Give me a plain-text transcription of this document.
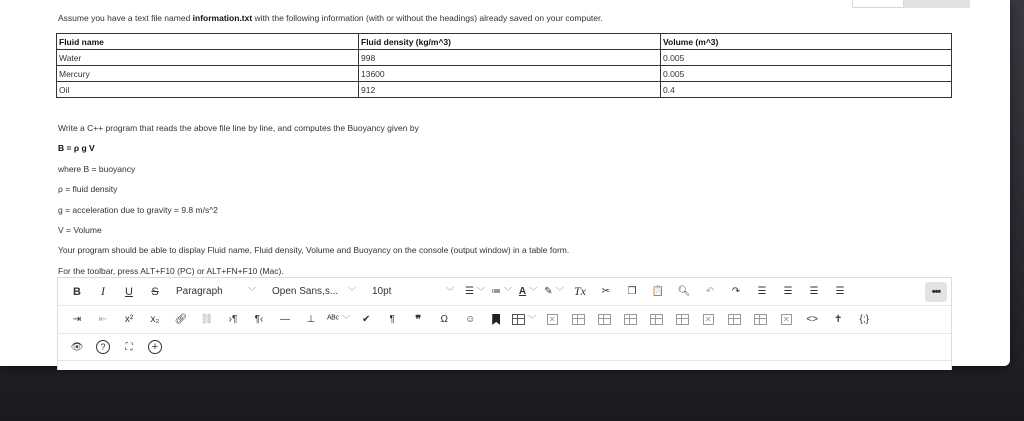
Assume you have a text file named information.txt with the following information (with or without the headings) already saved on your computer.
Fluid name	Fluid density (kg/m^3)	Volume (m^3)
Water	998	0.005
Mercury	13600	0.005
Oil	912	0.4

Write a C++ program that reads the above file line by line, and computes the Buoyancy given by

B = ρ g V

where B = buoyancy

ρ = fluid density

g = acceleration due to gravity = 9.8 m/s^2

V = Volume

Your program should be able to display Fluid name, Fluid density, Volume and Buoyancy on the console (output window) in a table form.

For the toolbar, press ALT+F10 (PC) or ALT+FN+F10 (Mac).

B	I	U	S	Paragraph	﹀ Open Sans,s... ﹀ 10pt	﹀ ☰ ﹀ ≔ ﹀ A ﹀ ✎ ﹀ Tx	✂	❐	📋	🔍︎	↶	↷	☰	☰	☰	☰	•••
⇥	⇤	x²	x₂	🔗︎	⛓	›¶	¶‹	—	⊥	ᴬᴮᶜ ﹀	✔	¶	❞	Ω	☺	﹀ ✕	✕	✕	<>	✝	{;}
👁︎	?	⛶	+
